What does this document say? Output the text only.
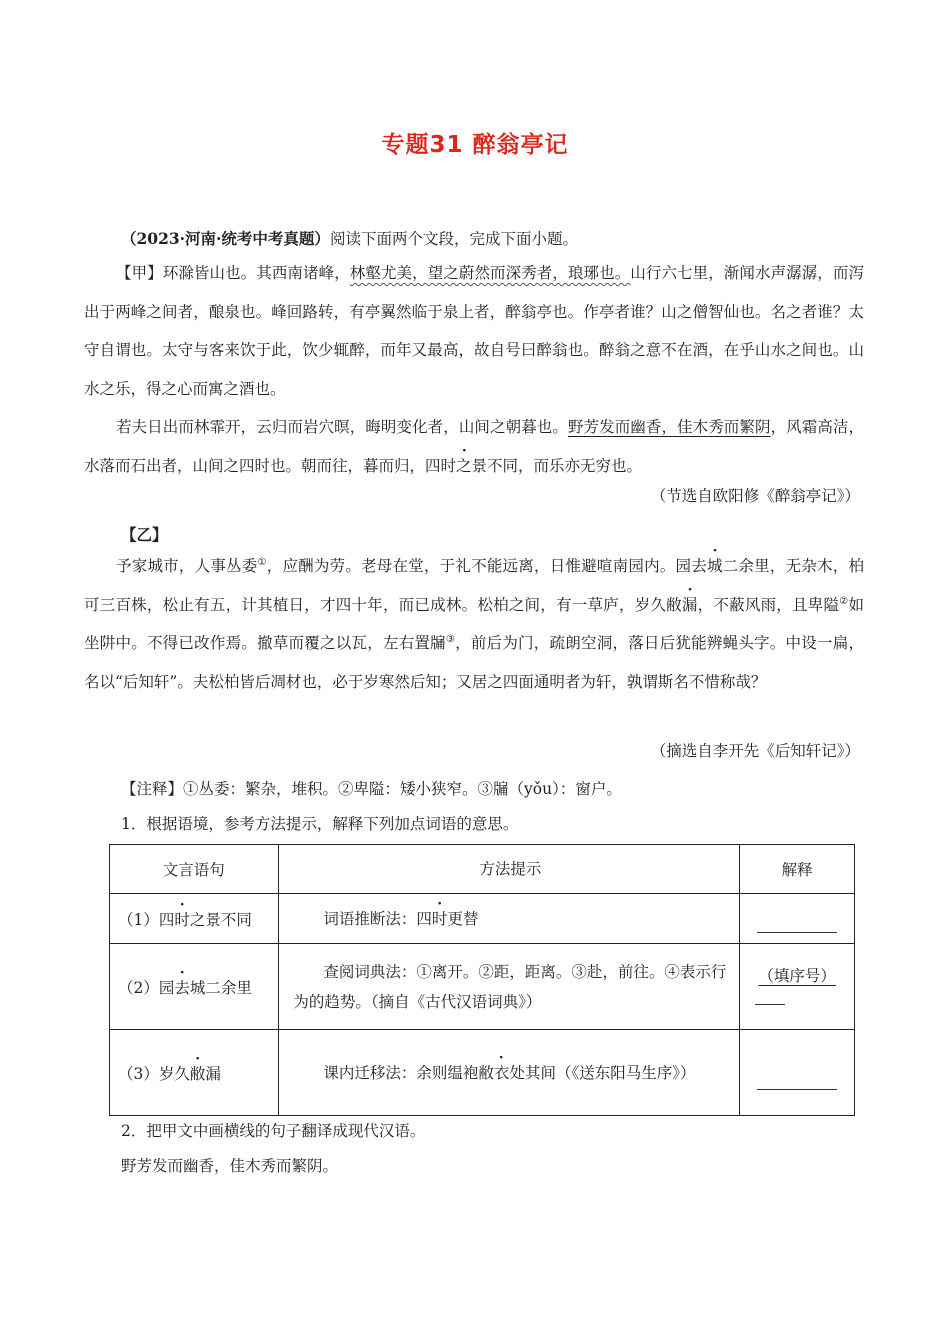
专题31 醉翁亭记
（2023·河南·统考中考真题）阅读下面两个文段，完成下面小题。
【甲】环滁皆山也。其西南诸峰，林壑尤美，望之蔚然而深秀者，琅琊也。山行六七里，渐闻水声潺潺，而泻出于两峰之间者，酿泉也。峰回路转，有亭翼然临于泉上者，醉翁亭也。作亭者谁？山之僧智仙也。名之者谁？太守自谓也。太守与客来饮于此，饮少辄醉，而年又最高，故自号曰醉翁也。醉翁之意不在酒，在乎山水之间也。山水之乐，得之心而寓之酒也。
若夫日出而林霏开，云归而岩穴暝，晦明变化者，山间之朝暮也。野芳发而幽香，佳木秀而繁阴，风霜高洁，水落而石出者，山间之四时也。朝而往，暮而归，四时之景不同，而乐亦无穷也。
（节选自欧阳修《醉翁亭记》）
【乙】
予家城市，人事丛委①，应酬为劳。老母在堂，于礼不能远离，日惟避喧南园内。园去城二余里，无杂木，柏可三百株，松止有五，计其植日，才四十年，而已成林。松柏之间，有一草庐，岁久敝漏，不蔽风雨，且卑隘②如坐阱中。不得已改作焉。撤草而覆之以瓦，左右置牖③，前后为门，疏朗空洞，落日后犹能辨蝇头字。中设一扁，名以“后知轩”。夫松柏皆后凋材也，必于岁寒然后知；又居之四面通明者为轩，孰谓斯名不惜称哉？
（摘选自李开先《后知轩记》）
【注释】①丛委：繁杂，堆积。②卑隘：矮小狭窄。③牖（yǒu）：窗户。
1．根据语境，参考方法提示，解释下列加点词语的意思。
文言语句	方法提示	解释
（1）四时之景不同	词语推断法：四时更替	
（2）园去城二余里	查阅词典法：①离开。②距，距离。③赴，前往。④表示行为的趋势。（摘自《古代汉语词典》）	（填序号）

（3）岁久敝漏	课内迁移法：余则缊袍敝衣处其间（《送东阳马生序》）

2．把甲文中画横线的句子翻译成现代汉语。
野芳发而幽香，佳木秀而繁阴。
